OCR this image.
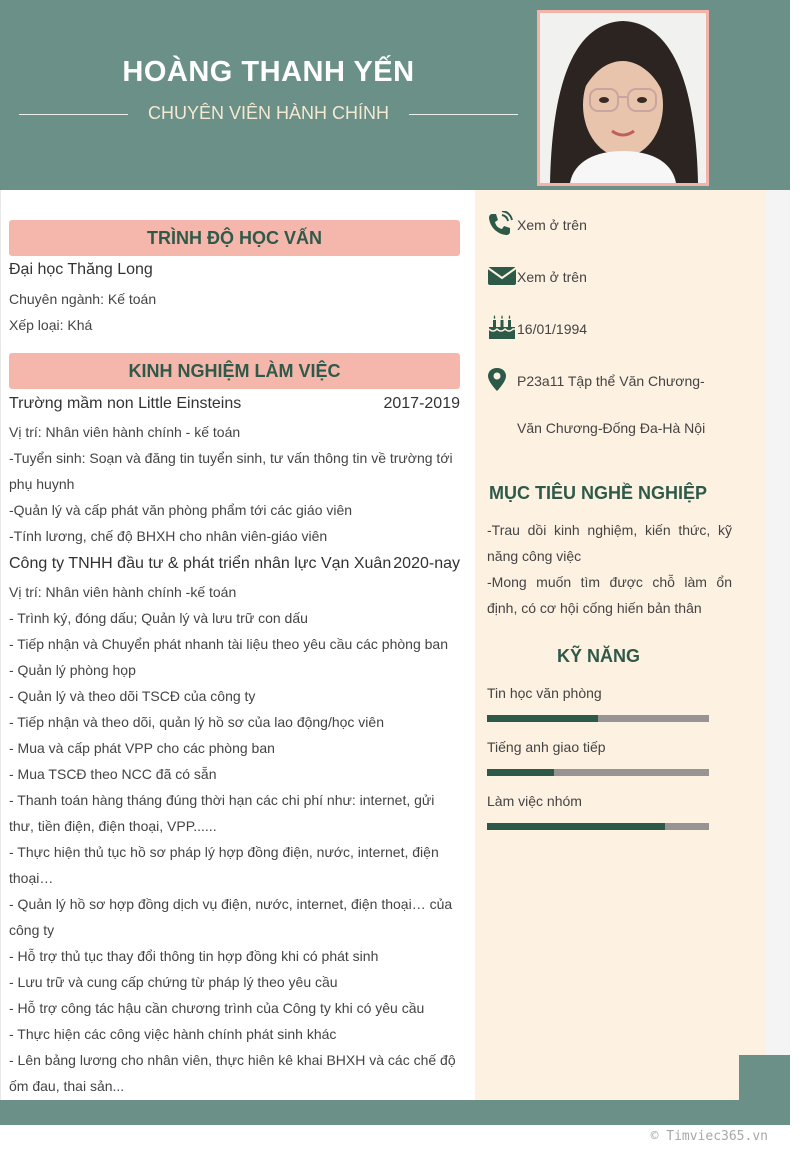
HOÀNG THANH YẾN
CHUYÊN VIÊN HÀNH CHÍNH
TRÌNH ĐỘ HỌC VẤN
Đại học Thăng Long
Chuyên ngành: Kế toán
Xếp loại: Khá
KINH NGHIỆM LÀM VIỆC
Trường mầm non Little Einsteins	2017-2019
Vị trí: Nhân viên hành chính - kế toán
-Tuyển sinh: Soạn và đăng tin tuyển sinh, tư vấn thông tin về trường tới phụ huynh
-Quản lý và cấp phát văn phòng phẩm tới các giáo viên
-Tính lương, chế độ BHXH cho nhân viên-giáo viên
Công ty TNHH đầu tư & phát triển nhân lực Vạn Xuân 2020-nay
Vị trí: Nhân viên hành chính -kế toán
- Trình ký, đóng dấu; Quản lý và lưu trữ con dấu
- Tiếp nhận và Chuyển phát nhanh tài liệu theo yêu cầu các phòng ban
- Quản lý phòng họp
- Quản lý và theo dõi TSCĐ của công ty
- Tiếp nhận và theo dõi, quản lý hồ sơ của lao động/học viên
- Mua và cấp phát VPP cho các phòng ban
- Mua TSCĐ theo NCC đã có sẵn
- Thanh toán hàng tháng đúng thời hạn các chi phí như: internet, gửi thư, tiền điện, điện thoại, VPP......
- Thực hiện thủ tục hồ sơ pháp lý hợp đồng điện, nước, internet, điện thoại…
- Quản lý hồ sơ hợp đồng dịch vụ điện, nước, internet, điện thoại… của công ty
- Hỗ trợ thủ tục thay đổi thông tin hợp đồng khi có phát sinh
- Lưu trữ và cung cấp chứng từ pháp lý theo yêu cầu
- Hỗ trợ công tác hậu cần chương trình của Công ty khi có yêu cầu
- Thực hiện các công việc hành chính phát sinh khác
- Lên bảng lương cho nhân viên, thực hiên kê khai BHXH và các chế độ ốm đau, thai sản...
Xem ở trên
Xem ở trên
16/01/1994
P23a11 Tập thể Văn Chương-
Văn Chương-Đống Đa-Hà Nội
MỤC TIÊU NGHỀ NGHIỆP
-Trau dồi kinh nghiệm, kiến thức, kỹ năng công việc
-Mong muốn tìm được chỗ làm ổn định, có cơ hội cống hiến bản thân
KỸ NĂNG
Tin học văn phòng
Tiếng anh giao tiếp
Làm việc nhóm
© Timviec365.vn
